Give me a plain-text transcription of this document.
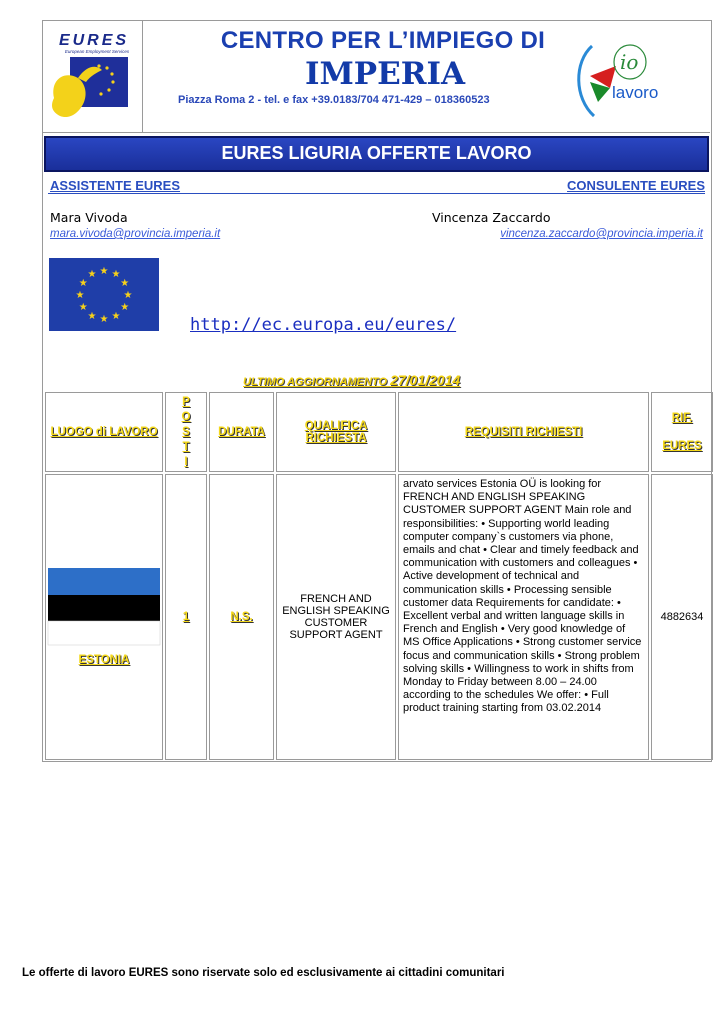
EURES
European Employment Services	CENTRO PER L’IMPIEGO DI
IMPERIA
Piazza Roma 2 - tel. e fax +39.0183/704 471-429 – 018360523
io
lavoro
EURES LIGURIA OFFERTE LAVORO
ASSISTENTE EURES	CONSULENTE EURES
Mara Vivoda	Vincenza Zaccardo
mara.vivoda@provincia.imperia.it	vincenza.zaccardo@provincia.imperia.it
★ ★
★
★
★
★
★
★
★
★
★
★
http://ec.europa.eu/eures/
ULTIMO AGGIORNAMENTO 27/01/2014
LUOGO di LAVORO	P
O
S
T
I	DURATA	QUALIFICA RICHIESTA	REQUISITI RICHIESTI	RIF.
EURES

ESTONIA	1	N.S.	FRENCH AND ENGLISH SPEAKING CUSTOMER SUPPORT AGENT	arvato services Estonia OÜ is looking for FRENCH AND ENGLISH SPEAKING CUSTOMER SUPPORT AGENT Main role and responsibilities: • Supporting world leading computer company`s customers via phone, emails and chat • Clear and timely feedback and communication with customers and colleagues • Active development of technical and communication skills • Processing sensible customer data Requirements for candidate: • Excellent verbal and written language skills in French and English • Very good knowledge of MS Office Applications • Strong customer service focus and communication skills • Strong problem solving skills • Willingness to work in shifts from Monday to Friday between 8.00 – 24.00 according to the schedules We offer: • Full product training starting from 03.02.2014	4882634
Le offerte di lavoro EURES sono riservate solo ed esclusivamente ai cittadini comunitari
